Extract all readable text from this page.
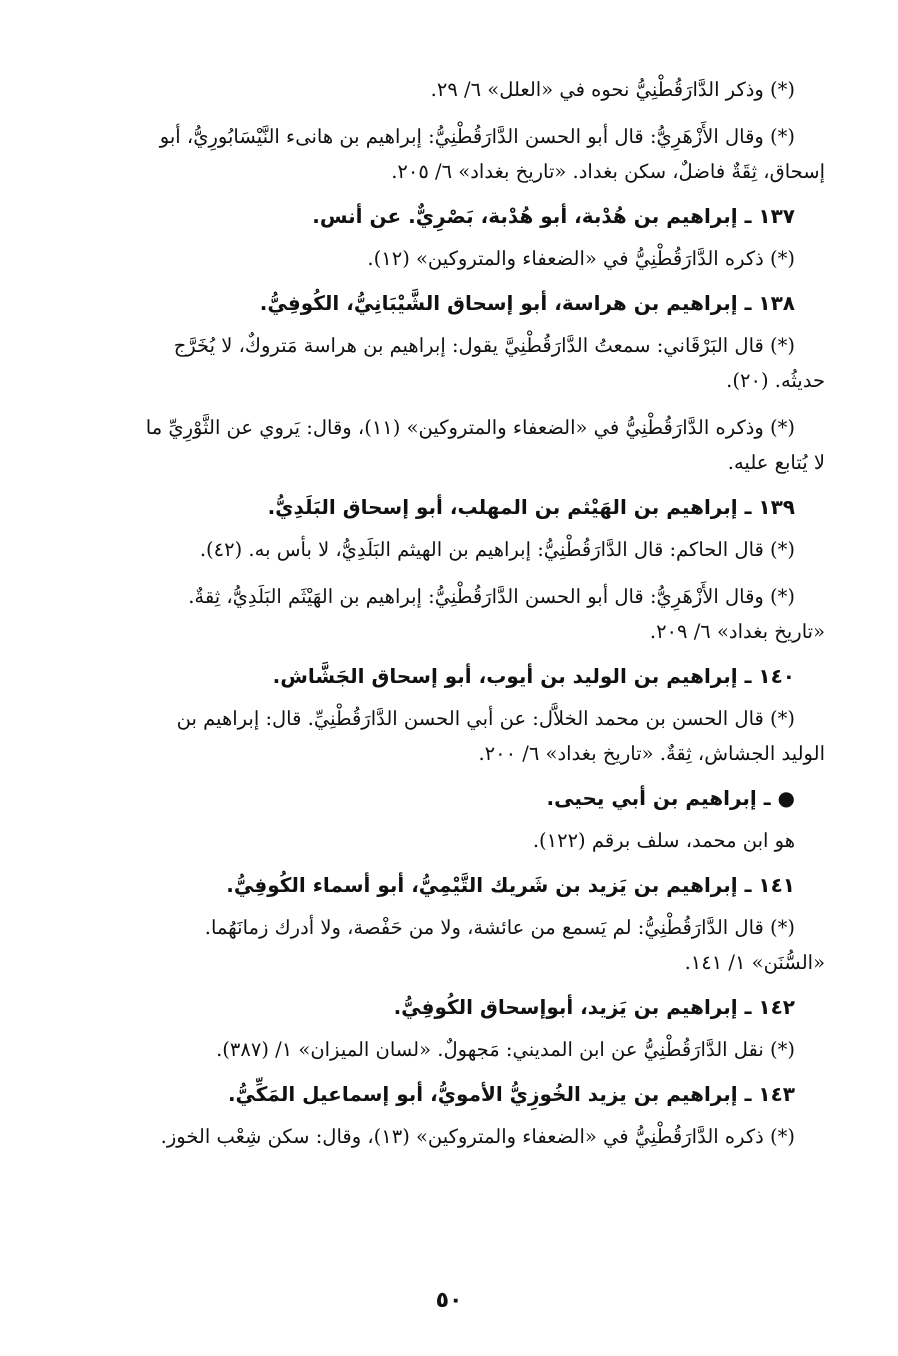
(*) وذكر الدَّارَقُطْنِيُّ نحوه في «العلل» ٦/ ٢٩.
(*) وقال الأَزْهَرِيُّ: قال أبو الحسن الدَّارَقُطْنِيُّ: إبراهيم بن هانىء النَّيْسَابُورِيُّ، أبو
إسحاق، ثِقَةٌ فاضلٌ، سكن بغداد. «تاريخ بغداد» ٦/ ٢٠٥.
١٣٧ ـ إبراهيم بن هُدْبة، أبو هُدْبة، بَصْرِيٌّ. عن أنس.
(*) ذكره الدَّارَقُطْنِيُّ في «الضعفاء والمتروكين» (١٢).
١٣٨ ـ إبراهيم بن هراسة، أبو إسحاق الشَّيْبَانِيُّ، الكُوفِيُّ.
(*) قال البَرْقَاني: سمعتُ الدَّارَقُطْنِيَّ يقول: إبراهيم بن هراسة مَتروكٌ، لا يُخَرَّج
حديثُه. (٢٠).
(*) وذكره الدَّارَقُطْنِيُّ في «الضعفاء والمتروكين» (١١)، وقال: يَروي عن الثَّوْرِيِّ ما
لا يُتابع عليه.
١٣٩ ـ إبراهيم بن الهَيْثم بن المهلب، أبو إسحاق البَلَدِيُّ.
(*) قال الحاكم: قال الدَّارَقُطْنِيُّ: إبراهيم بن الهيثم البَلَدِيُّ، لا بأس به. (٤٢).
(*) وقال الأَزْهَرِيُّ: قال أبو الحسن الدَّارَقُطْنِيُّ: إبراهيم بن الهَيْثَم البَلَدِيُّ، ثِقةٌ.
«تاريخ بغداد» ٦/ ٢٠٩.
١٤٠ ـ إبراهيم بن الوليد بن أيوب، أبو إسحاق الجَشَّاش.
(*) قال الحسن بن محمد الخلاَّل: عن أبي الحسن الدَّارَقُطْنِيِّ. قال: إبراهيم بن
الوليد الجشاش، ثِقةٌ. «تاريخ بغداد» ٦/ ٢٠٠.
● ـ إبراهيم بن أبي يحيى.
هو ابن محمد، سلف برقم (١٢٢).
١٤١ ـ إبراهيم بن يَزيد بن شَريك التَّيْمِيُّ، أبو أسماء الكُوفِيُّ.
(*) قال الدَّارَقُطْنِيُّ: لم يَسمع من عائشة، ولا من حَفْصة، ولا أدرك زمانَهُما.
«السُّنَن» ١/ ١٤١.
١٤٢ ـ إبراهيم بن يَزيد، أبوإسحاق الكُوفِيُّ.
(*) نقل الدَّارَقُطْنِيُّ عن ابن المديني: مَجهولٌ. «لسان الميزان» ١/ (٣٨٧).
١٤٣ ـ إبراهيم بن يزيد الخُوزِيُّ الأمويُّ، أبو إسماعيل المَكِّيُّ.
(*) ذكره الدَّارَقُطْنِيُّ في «الضعفاء والمتروكين» (١٣)، وقال: سكن شِعْب الخوز.
٥٠
